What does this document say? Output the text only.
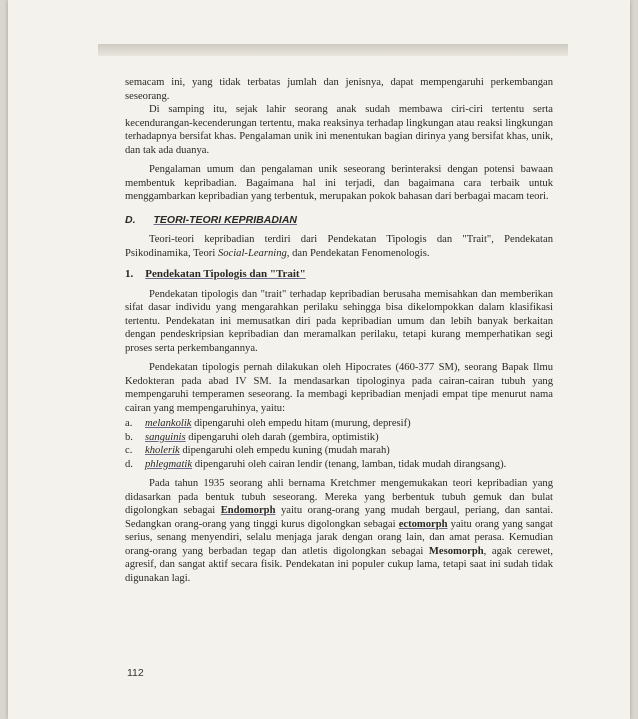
semacam ini, yang tidak terbatas jumlah dan jenisnya, dapat mempengaruhi perkembangan seseorang.

Di samping itu, sejak lahir seorang anak sudah membawa ciri-ciri tertentu serta kecendurangan-kecenderungan tertentu, maka reaksinya terhadap lingkungan atau reaksi lingkungan terhadapnya bersifat khas. Pengalaman unik ini menentukan bagian dirinya yang bersifat khas, unik, dan tak ada duanya.

Pengalaman umum dan pengalaman unik seseorang berinteraksi dengan potensi bawaan membentuk kepribadian. Bagaimana hal ini terjadi, dan bagaimana cara terbaik untuk menggambarkan kepribadian yang terbentuk, merupakan pokok bahasan dari berbagai macam teori.

D. TEORI-TEORI KEPRIBADIAN

Teori-teori kepribadian terdiri dari Pendekatan Tipologis dan "Trait", Pendekatan Psikodinamika, Teori Social-Learning, dan Pendekatan Fenomenologis.

1. Pendekatan Tipologis dan "Trait"

Pendekatan tipologis dan "trait" terhadap kepribadian berusaha memisahkan dan memberikan sifat dasar individu yang mengarahkan perilaku sehingga bisa dikelompokkan dalam klasifikasi tertentu. Pendekatan ini memusatkan diri pada kepribadian umum dan lebih banyak berkaitan dengan pendeskripsian kepribadian dan meramalkan perilaku, tetapi kurang memperhatikan segi proses serta perkembangannya.

Pendekatan tipologis pernah dilakukan oleh Hipocrates (460-377 SM), seorang Bapak Ilmu Kedokteran pada abad IV SM. Ia mendasarkan tipologinya pada cairan-cairan tubuh yang mempengaruhi temperamen seseorang. Ia membagi kepribadian menjadi empat tipe menurut nama cairan yang mempengaruhinya, yaitu:

a.	melankolik dipengaruhi oleh empedu hitam (murung, depresif)
b.	sanguinis dipengaruhi oleh darah (gembira, optimistik)
c.	kholerik dipengaruhi oleh empedu kuning (mudah marah)
d.	phlegmatik dipengaruhi oleh cairan lendir (tenang, lamban, tidak mudah dirangsang).

Pada tahun 1935 seorang ahli bernama Kretchmer mengemukakan teori kepribadian yang didasarkan pada bentuk tubuh seseorang. Mereka yang berbentuk tubuh gemuk dan bulat digolongkan sebagai Endomorph yaitu orang-orang yang mudah bergaul, periang, dan santai. Sedangkan orang-orang yang tinggi kurus digolongkan sebagai ectomorph yaitu orang yang sangat serius, senang menyendiri, selalu menjaga jarak dengan orang lain, dan amat perasa. Kemudian orang-orang yang berbadan tegap dan atletis digolongkan sebagai Mesomorph, agak cerewet, agresif, dan sangat aktif secara fisik. Pendekatan ini populer cukup lama, tetapi saat ini sudah tidak digunakan lagi.

112
